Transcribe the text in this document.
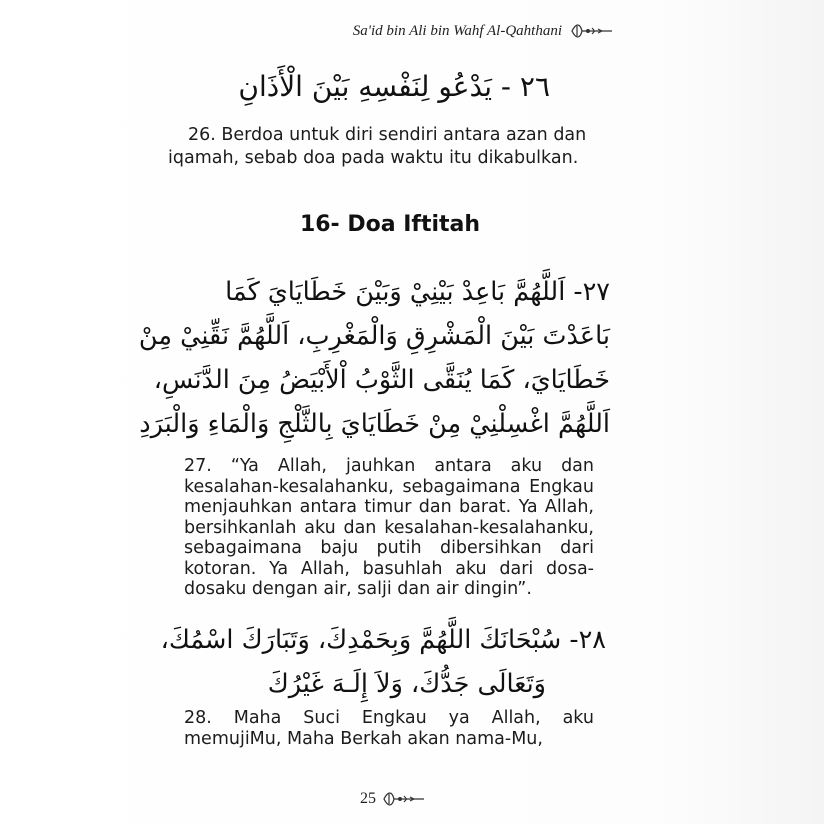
Sa'id bin Ali bin Wahf Al-Qahthani
٢٦ - يَدْعُو لِنَفْسِهِ بَيْنَ الْأَذَانِ

26. Berdoa untuk diri sendiri antara azan dan iqamah, sebab doa pada waktu itu dikabulkan.

16- Doa Iftitah
٢٧- اَللَّهُمَّ بَاعِدْ بَيْنِيْ وَبَيْنَ خَطَايَايَ كَمَا
بَاعَدْتَ بَيْنَ الْمَشْرِقِ وَالْمَغْرِبِ، اَللَّهُمَّ نَقِّنِيْ مِنْ
خَطَايَايَ، كَمَا يُنَقَّى الثَّوْبُ اْلأَبْيَضُ مِنَ الدَّنَسِ،
اَللَّهُمَّ اغْسِلْنِيْ مِنْ خَطَايَايَ بِالثَّلْجِ وَالْمَاءِ وَالْبَرَدِ

27. “Ya Allah, jauhkan antara aku dan kesalahan-kesalahanku, sebagaimana Engkau menjauhkan antara timur dan barat. Ya Allah, bersihkanlah aku dan kesalahan-kesalahanku, sebagaimana baju putih dibersihkan dari kotoran. Ya Allah, basuhlah aku dari dosa-dosaku dengan air, salji dan air dingin”.

٢٨- سُبْحَانَكَ اللَّهُمَّ وَبِحَمْدِكَ، وَتَبَارَكَ اسْمُكَ،
وَتَعَالَى جَدُّكَ، وَلاَ إِلَـهَ غَيْرُكَ

28. Maha Suci Engkau ya Allah, aku memujiMu, Maha Berkah akan nama-Mu,

25
